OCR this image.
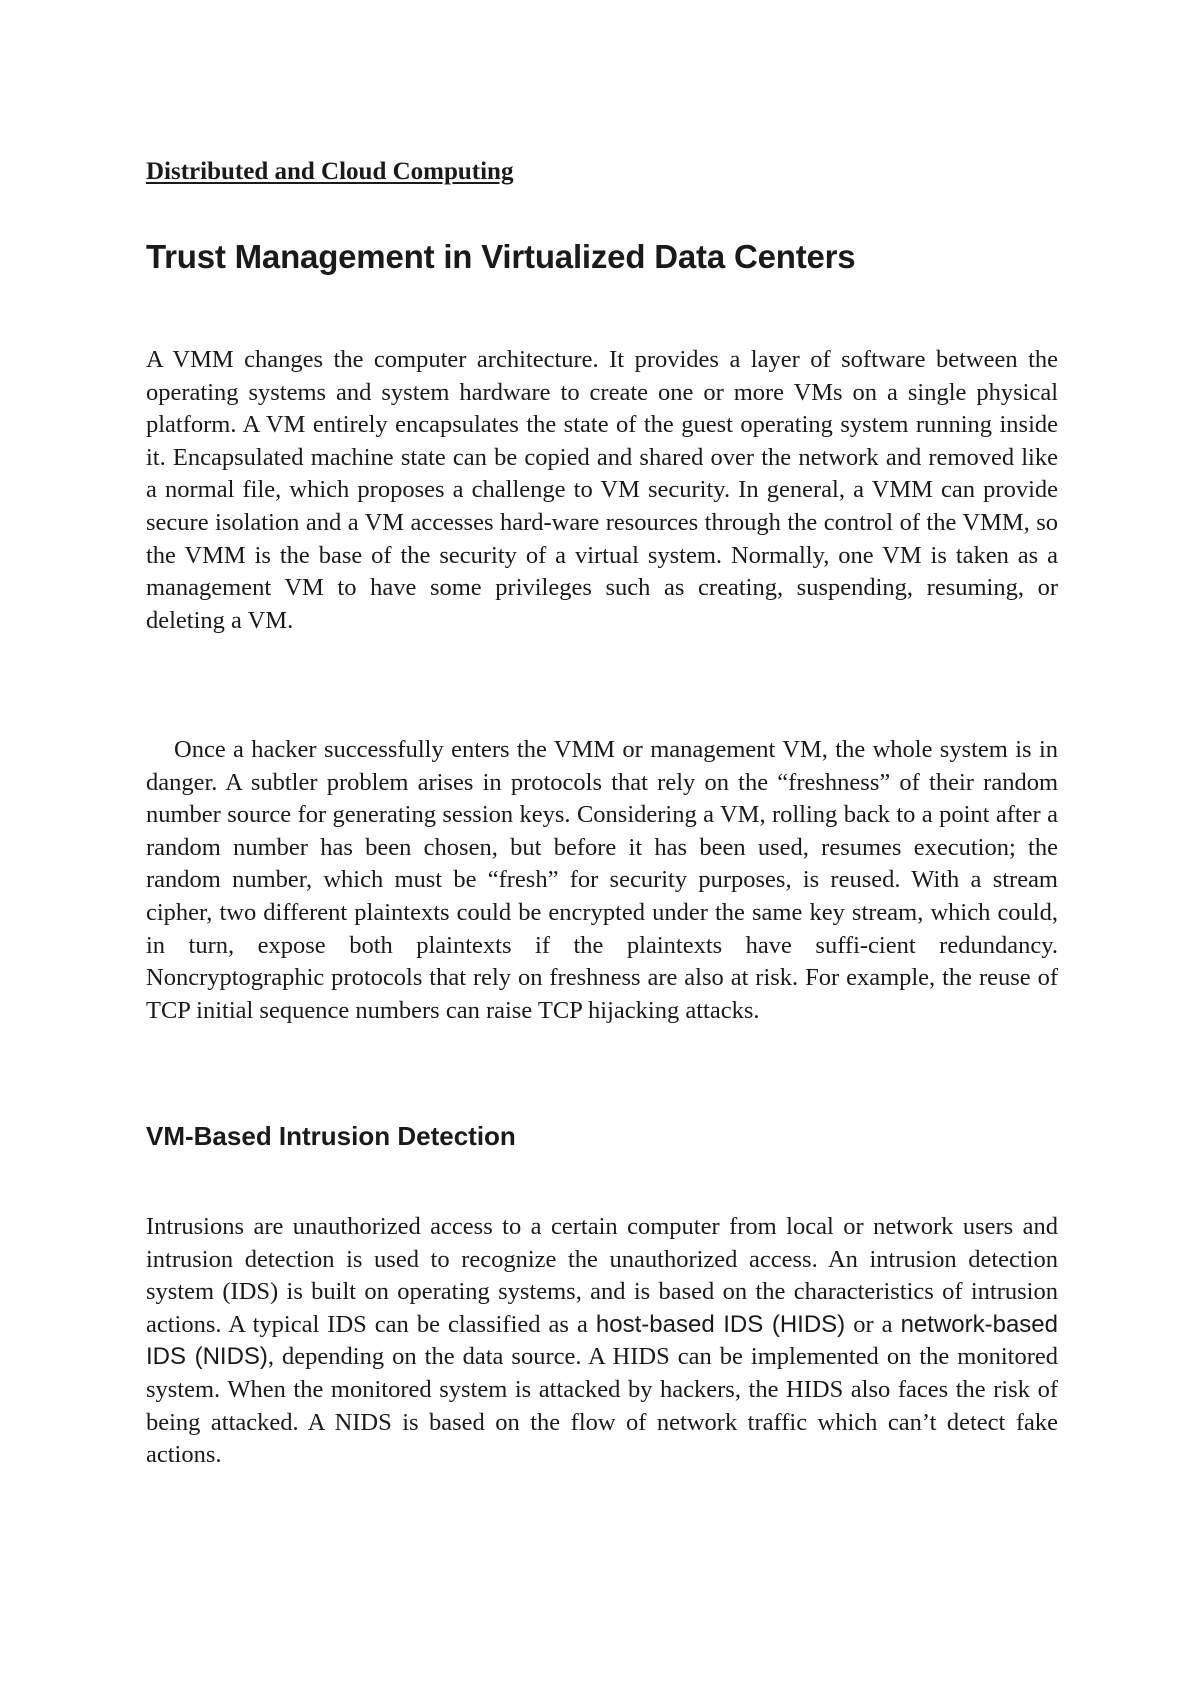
Distributed and Cloud Computing
Trust Management in Virtualized Data Centers

A VMM changes the computer architecture. It provides a layer of software between the operating systems and system hardware to create one or more VMs on a single physical platform. A VM entirely encapsulates the state of the guest operating system running inside it. Encapsulated machine state can be copied and shared over the network and removed like a normal file, which proposes a challenge to VM security. In general, a VMM can provide secure isolation and a VM accesses hard-ware resources through the control of the VMM, so the VMM is the base of the security of a virtual system. Normally, one VM is taken as a management VM to have some privileges such as creating, suspending, resuming, or deleting a VM.

Once a hacker successfully enters the VMM or management VM, the whole system is in danger. A subtler problem arises in protocols that rely on the “freshness” of their random number source for generating session keys. Considering a VM, rolling back to a point after a random number has been chosen, but before it has been used, resumes execution; the random number, which must be “fresh” for security purposes, is reused. With a stream cipher, two different plaintexts could be encrypted under the same key stream, which could, in turn, expose both plaintexts if the plaintexts have suffi-cient redundancy. Noncryptographic protocols that rely on freshness are also at risk. For example, the reuse of TCP initial sequence numbers can raise TCP hijacking attacks.

VM-Based Intrusion Detection

Intrusions are unauthorized access to a certain computer from local or network users and intrusion detection is used to recognize the unauthorized access. An intrusion detection system (IDS) is built on operating systems, and is based on the characteristics of intrusion actions. A typical IDS can be classified as a host-based IDS (HIDS) or a network-based IDS (NIDS), depending on the data source. A HIDS can be implemented on the monitored system. When the monitored system is attacked by hackers, the HIDS also faces the risk of being attacked. A NIDS is based on the flow of network traffic which can’t detect fake actions.
